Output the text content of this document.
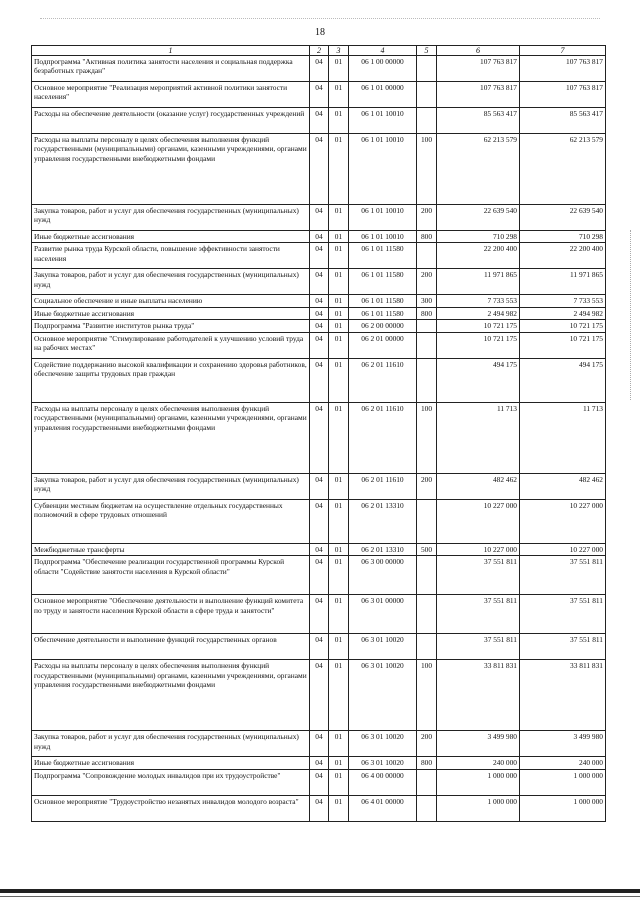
18
1	2	3	4	5	6	7
Подпрограмма "Активная политика занятости населения и социальная поддержка безработных граждан"	04	01	06 1 00 00000		107 763 817	107 763 817
Основное мероприятие "Реализация мероприятий активной политики занятости населения"	04	01	06 1 01 00000		107 763 817	107 763 817
Расходы на обеспечение деятельности (оказание услуг) государственных учреждений	04	01	06 1 01 10010		85 563 417	85 563 417
Расходы на выплаты персоналу в целях обеспечения выполнения функций государственными (муниципальными) органами, казенными учреждениями, органами управления государственными внебюджетными фондами	04	01	06 1 01 10010	100	62 213 579	62 213 579
Закупка товаров, работ и услуг для обеспечения государственных (муниципальных) нужд	04	01	06 1 01 10010	200	22 639 540	22 639 540
Иные бюджетные ассигнования	04	01	06 1 01 10010	800	710 298	710 298
Развитие рынка труда Курской области, повышение эффективности занятости населения	04	01	06 1 01 11580		22 200 400	22 200 400
Закупка товаров, работ и услуг для обеспечения государственных (муниципальных) нужд	04	01	06 1 01 11580	200	11 971 865	11 971 865
Социальное обеспечение и иные выплаты населению	04	01	06 1 01 11580	300	7 733 553	7 733 553
Иные бюджетные ассигнования	04	01	06 1 01 11580	800	2 494 982	2 494 982
Подпрограмма "Развитие институтов рынка труда"	04	01	06 2 00 00000		10 721 175	10 721 175
Основное мероприятие "Стимулирование работодателей к улучшению условий труда на рабочих местах"	04	01	06 2 01 00000		10 721 175	10 721 175
Содействие поддержанию высокой квалификации и сохранению здоровья работников, обеспечение защиты трудовых прав граждан	04	01	06 2 01 11610		494 175	494 175
Расходы на выплаты персоналу в целях обеспечения выполнения функций государственными (муниципальными) органами, казенными учреждениями, органами управления государственными внебюджетными фондами	04	01	06 2 01 11610	100	11 713	11 713
Закупка товаров, работ и услуг для обеспечения государственных (муниципальных) нужд	04	01	06 2 01 11610	200	482 462	482 462
Субвенции местным бюджетам на осуществление отдельных государственных полномочий в сфере трудовых отношений	04	01	06 2 01 13310		10 227 000	10 227 000
Межбюджетные трансферты	04	01	06 2 01 13310	500	10 227 000	10 227 000
Подпрограмма "Обеспечение реализации государственной программы Курской области "Содействие занятости населения в Курской области"	04	01	06 3 00 00000		37 551 811	37 551 811
Основное мероприятие "Обеспечение деятельности и выполнение функций комитета по труду и занятости населения Курской области в сфере труда и занятости"	04	01	06 3 01 00000		37 551 811	37 551 811
Обеспечение деятельности и выполнение функций государственных органов	04	01	06 3 01 10020		37 551 811	37 551 811
Расходы на выплаты персоналу в целях обеспечения выполнения функций государственными (муниципальными) органами, казенными учреждениями, органами управления государственными внебюджетными фондами	04	01	06 3 01 10020	100	33 811 831	33 811 831
Закупка товаров, работ и услуг для обеспечения государственных (муниципальных) нужд	04	01	06 3 01 10020	200	3 499 980	3 499 980
Иные бюджетные ассигнования	04	01	06 3 01 10020	800	240 000	240 000
Подпрограмма "Сопровождение молодых инвалидов при их трудоустройстве"	04	01	06 4 00 00000		1 000 000	1 000 000
Основное мероприятие "Трудоустройство незанятых инвалидов молодого возраста"	04	01	06 4 01 00000		1 000 000	1 000 000
